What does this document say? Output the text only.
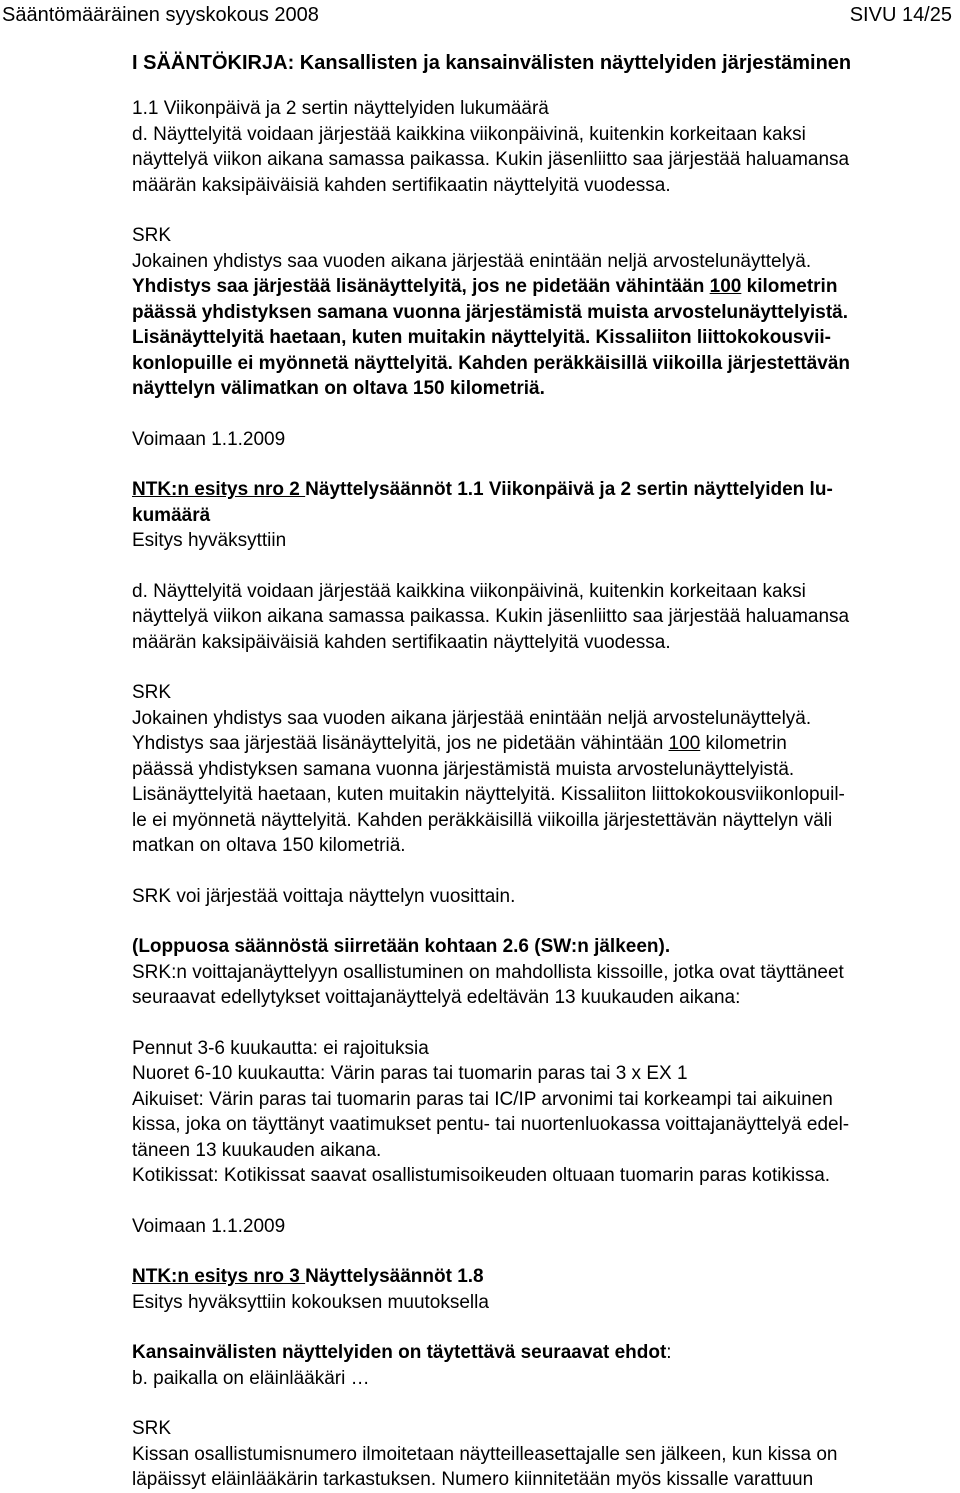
Sääntömääräinen syyskokous 2008	SIVU 14/25
I SÄÄNTÖKIRJA: Kansallisten ja kansainvälisten näyttelyiden järjestäminen

1.1 Viikonpäivä ja 2 sertin näyttelyiden lukumäärä

d. Näyttelyitä voidaan järjestää kaikkina viikonpäivinä, kuitenkin korkeitaan kaksi

näyttelyä viikon aikana samassa paikassa. Kukin jäsenliitto saa järjestää haluamansa

määrän kaksipäiväisiä kahden sertifikaatin näyttelyitä vuodessa.

SRK

Jokainen yhdistys saa vuoden aikana järjestää enintään neljä arvostelunäyttelyä.

Yhdistys saa järjestää lisänäyttelyitä, jos ne pidetään vähintään 100 kilometrin

päässä yhdistyksen samana vuonna järjestämistä muista arvostelunäyttelyistä.

Lisänäyttelyitä haetaan, kuten muitakin näyttelyitä. Kissaliiton liittokokousvii-

konlopuille ei myönnetä näyttelyitä. Kahden peräkkäisillä viikoilla järjestettävän

näyttelyn välimatkan on oltava 150 kilometriä.

Voimaan 1.1.2009

NTK:n esitys nro 2 Näyttelysäännöt 1.1 Viikonpäivä ja 2 sertin näyttelyiden lu-

kumäärä

Esitys hyväksyttiin

d. Näyttelyitä voidaan järjestää kaikkina viikonpäivinä, kuitenkin korkeitaan kaksi

näyttelyä viikon aikana samassa paikassa. Kukin jäsenliitto saa järjestää haluamansa

määrän kaksipäiväisiä kahden sertifikaatin näyttelyitä vuodessa.

SRK

Jokainen yhdistys saa vuoden aikana järjestää enintään neljä arvostelunäyttelyä.

Yhdistys saa järjestää lisänäyttelyitä, jos ne pidetään vähintään 100 kilometrin

päässä yhdistyksen samana vuonna järjestämistä muista arvostelunäyttelyistä.

Lisänäyttelyitä haetaan, kuten muitakin näyttelyitä. Kissaliiton liittokokousviikonlopuil-

le ei myönnetä näyttelyitä. Kahden peräkkäisillä viikoilla järjestettävän näyttelyn väli

matkan on oltava 150 kilometriä.

SRK voi järjestää voittaja näyttelyn vuosittain.

(Loppuosa säännöstä siirretään kohtaan 2.6 (SW:n jälkeen).

SRK:n voittajanäyttelyyn osallistuminen on mahdollista kissoille, jotka ovat täyttäneet

seuraavat edellytykset voittajanäyttelyä edeltävän 13 kuukauden aikana:

Pennut 3-6 kuukautta: ei rajoituksia

Nuoret 6-10 kuukautta: Värin paras tai tuomarin paras tai 3 x EX 1

Aikuiset: Värin paras tai tuomarin paras tai IC/IP arvonimi tai korkeampi tai aikuinen

kissa, joka on täyttänyt vaatimukset pentu- tai nuortenluokassa voittajanäyttelyä edel-

täneen 13 kuukauden aikana.

Kotikissat: Kotikissat saavat osallistumisoikeuden oltuaan tuomarin paras kotikissa.

Voimaan 1.1.2009

NTK:n esitys nro 3 Näyttelysäännöt 1.8

Esitys hyväksyttiin kokouksen muutoksella

Kansainvälisten näyttelyiden on täytettävä seuraavat ehdot:

b. paikalla on eläinlääkäri …

SRK

Kissan osallistumisnumero ilmoitetaan näytteilleasettajalle sen jälkeen, kun kissa on

läpäissyt eläinlääkärin tarkastuksen. Numero kiinnitetään myös kissalle varattuun
